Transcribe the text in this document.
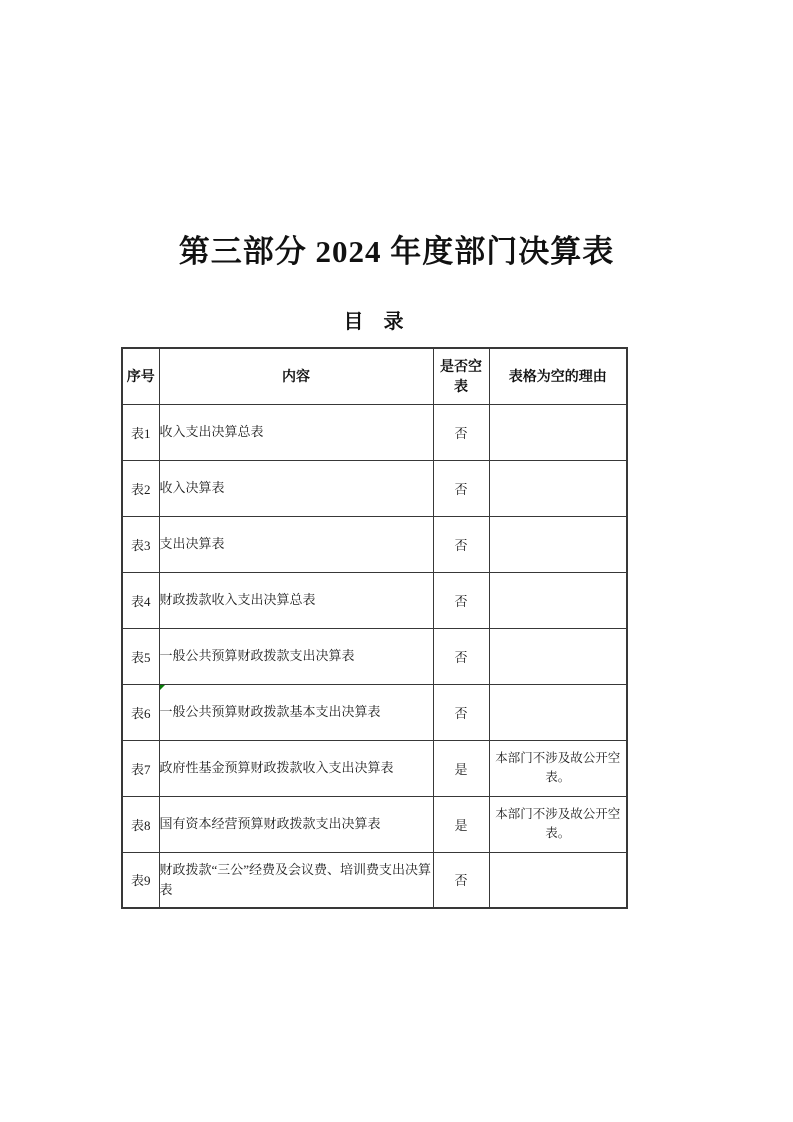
第三部分 2024 年度部门决算表
目　录
序号	内容	是否空表	表格为空的理由
表1	收入支出决算总表	否	
表2	收入决算表	否	
表3	支出决算表	否	
表4	财政拨款收入支出决算总表	否	
表5	一般公共预算财政拨款支出决算表	否	
表6	一般公共预算财政拨款基本支出决算表	否	
表7	政府性基金预算财政拨款收入支出决算表	是	本部门不涉及故公开空表。
表8	国有资本经营预算财政拨款支出决算表	是	本部门不涉及故公开空表。
表9	财政拨款“三公”经费及会议费、培训费支出决算表	否	
